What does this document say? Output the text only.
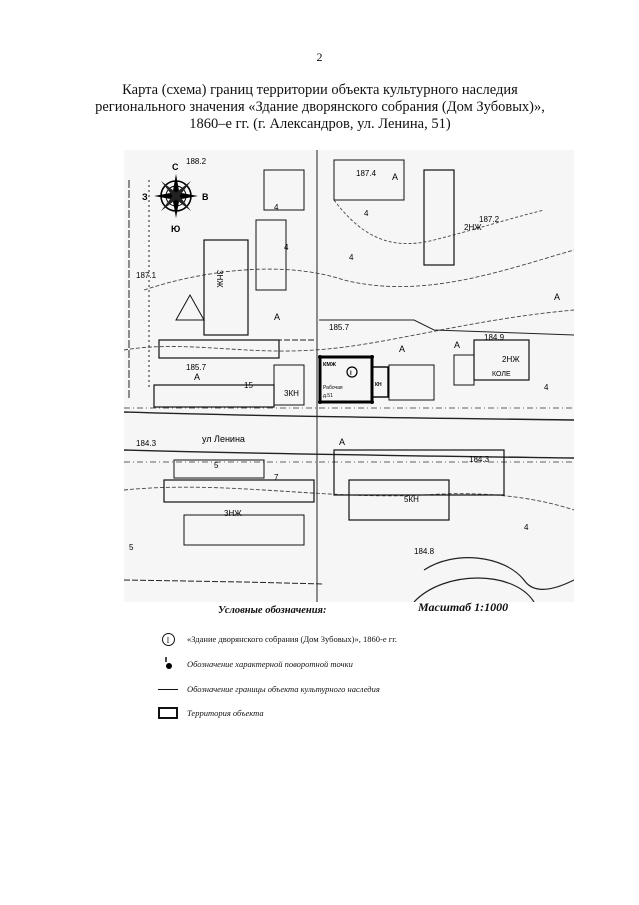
2
Карта (схема) границ территории объекта культурного наследия
регионального значения «Здание дворянского собрания (Дом Зубовых)»,
1860–е гг. (г. Александров, ул. Ленина, 51)
С
З	В
Ю
ул Ленина
КМЖ
I
КН
Рабочая
д.51
3НЖ
3КН
5КН
3НЖ
2НЖ
2НЖ
КОЛЕ
А
А
А
А
А
А
А
188.2
187.4
187.1
185.7
185.7
184.9
184.3
184.3
187.2
184.8
4
4
4
4
4
5
5
7
15
4
Условные обозначения:	Масштаб 1:1000
I	«Здание дворянского собрания (Дом Зубовых)», 1860-е гг.
Обозначение характерной поворотной точки
Обозначение границы объекта культурного наследия
Территория объекта
